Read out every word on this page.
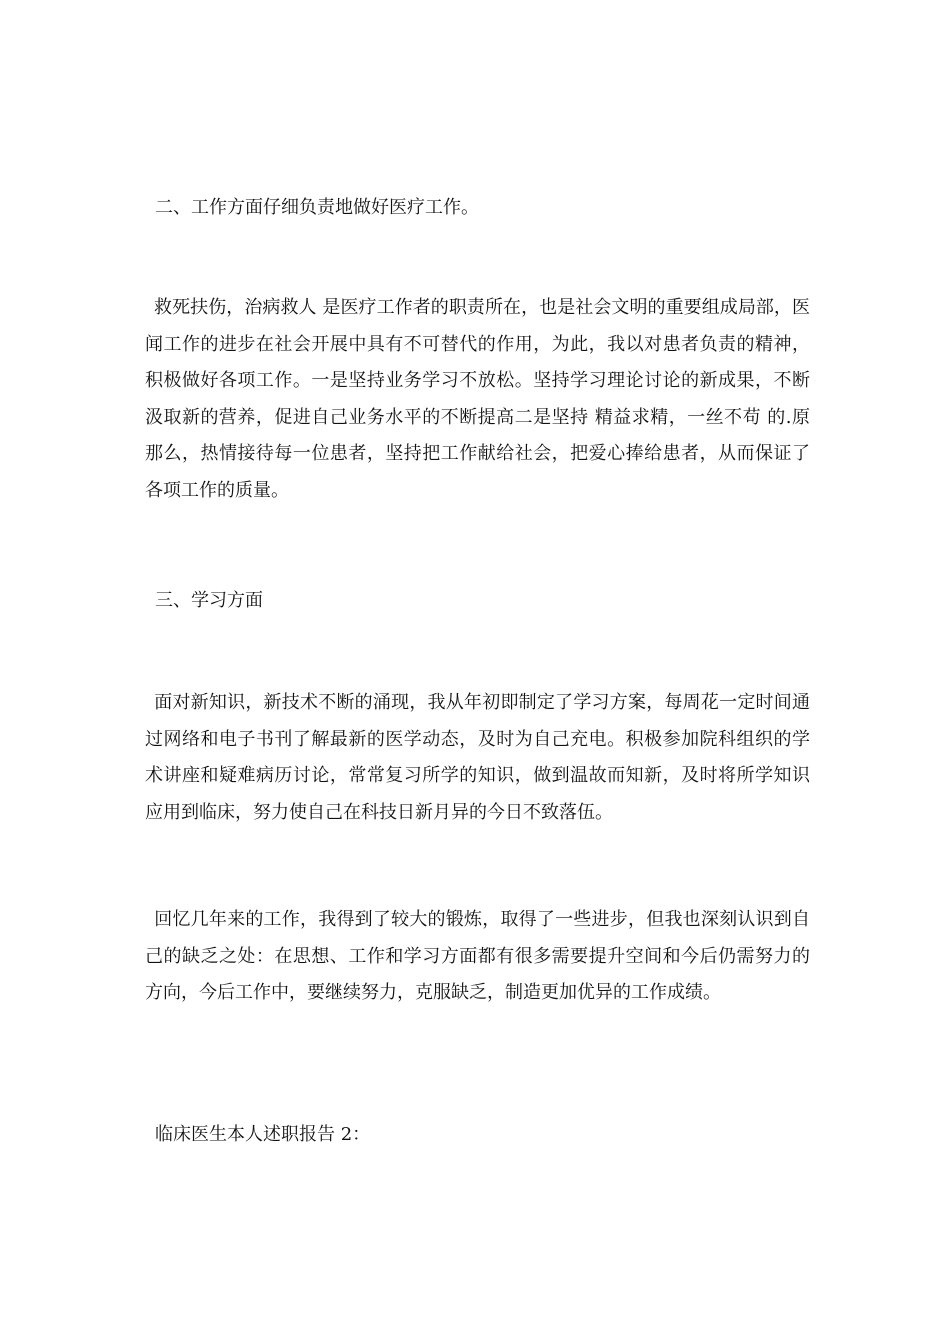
二、工作方面仔细负责地做好医疗工作。
救死扶伤，治病救人 是医疗工作者的职责所在，也是社会文明的重要组成局部，医闻工作的进步在社会开展中具有不可替代的作用，为此，我以对患者负责的精神，积极做好各项工作。一是坚持业务学习不放松。坚持学习理论讨论的新成果，不断汲取新的营养，促进自己业务水平的不断提高二是坚持 精益求精，一丝不苟 的.原那么，热情接待每一位患者，坚持把工作献给社会，把爱心捧给患者，从而保证了各项工作的质量。
三、学习方面
面对新知识，新技术不断的涌现，我从年初即制定了学习方案，每周花一定时间通过网络和电子书刊了解最新的医学动态，及时为自己充电。积极参加院科组织的学术讲座和疑难病历讨论，常常复习所学的知识，做到温故而知新，及时将所学知识应用到临床，努力使自己在科技日新月异的今日不致落伍。
回忆几年来的工作，我得到了较大的锻炼，取得了一些进步，但我也深刻认识到自己的缺乏之处：在思想、工作和学习方面都有很多需要提升空间和今后仍需努力的方向，今后工作中，要继续努力，克服缺乏，制造更加优异的工作成绩。
临床医生本人述职报告 2：
